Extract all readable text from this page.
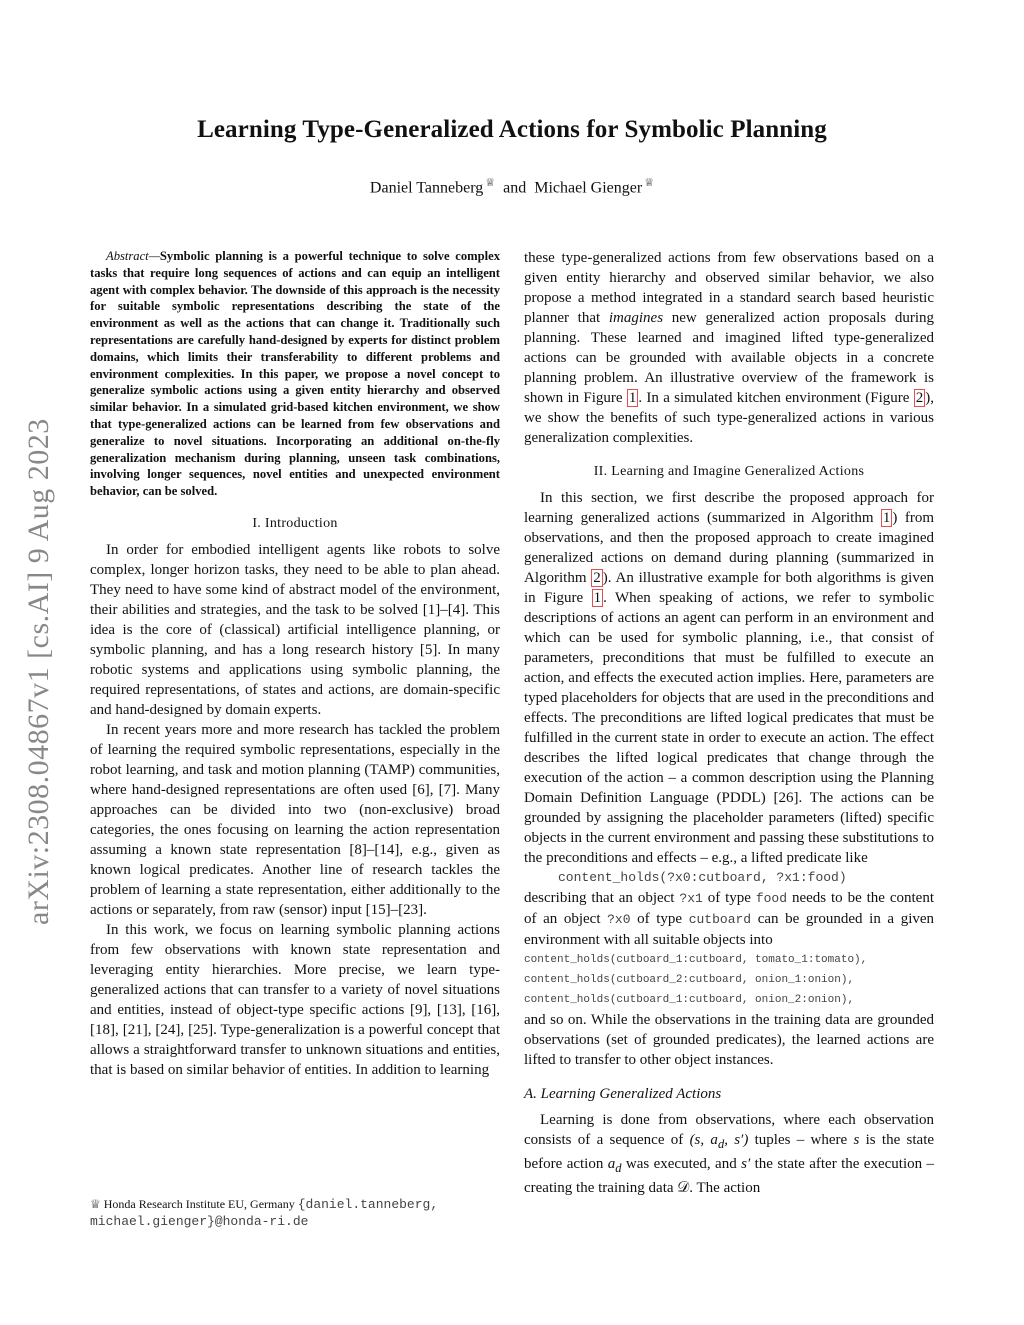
Learning Type-Generalized Actions for Symbolic Planning
Daniel Tanneberg ♕ and Michael Gienger ♕
arXiv:2308.04867v1 [cs.AI] 9 Aug 2023

Abstract—Symbolic planning is a powerful technique to solve complex tasks that require long sequences of actions and can equip an intelligent agent with complex behavior. The downside of this approach is the necessity for suitable symbolic representations describing the state of the environment as well as the actions that can change it. Traditionally such representations are carefully hand-designed by experts for distinct problem domains, which limits their transferability to different problems and environment complexities. In this paper, we propose a novel concept to generalize symbolic actions using a given entity hierarchy and observed similar behavior. In a simulated grid-based kitchen environment, we show that type-generalized actions can be learned from few observations and generalize to novel situations. Incorporating an additional on-the-fly generalization mechanism during planning, unseen task combinations, involving longer sequences, novel entities and unexpected environment behavior, can be solved.

I. Introduction

In order for embodied intelligent agents like robots to solve complex, longer horizon tasks, they need to be able to plan ahead. They need to have some kind of abstract model of the environment, their abilities and strategies, and the task to be solved [1]–[4]. This idea is the core of (classical) artificial intelligence planning, or symbolic planning, and has a long research history [5]. In many robotic systems and applications using symbolic planning, the required representations, of states and actions, are domain-specific and hand-designed by domain experts.

In recent years more and more research has tackled the problem of learning the required symbolic representations, especially in the robot learning, and task and motion planning (TAMP) communities, where hand-designed representations are often used [6], [7]. Many approaches can be divided into two (non-exclusive) broad categories, the ones focusing on learning the action representation assuming a known state representation [8]–[14], e.g., given as known logical predicates. Another line of research tackles the problem of learning a state representation, either additionally to the actions or separately, from raw (sensor) input [15]–[23].

In this work, we focus on learning symbolic planning actions from few observations with known state representation and leveraging entity hierarchies. More precise, we learn type-generalized actions that can transfer to a variety of novel situations and entities, instead of object-type specific actions [9], [13], [16], [18], [21], [24], [25]. Type-generalization is a powerful concept that allows a straightforward transfer to unknown situations and entities, that is based on similar behavior of entities. In addition to learning

these type-generalized actions from few observations based on a given entity hierarchy and observed similar behavior, we also propose a method integrated in a standard search based heuristic planner that imagines new generalized action proposals during planning. These learned and imagined lifted type-generalized actions can be grounded with available objects in a concrete planning problem. An illustrative overview of the framework is shown in Figure 1 . In a simulated kitchen environment (Figure 2 ), we show the benefits of such type-generalized actions in various generalization complexities.

II. Learning and Imagine Generalized Actions

In this section, we first describe the proposed approach for learning generalized actions (summarized in Algorithm 1 ) from observations, and then the proposed approach to create imagined generalized actions on demand during planning (summarized in Algorithm 2 ). An illustrative example for both algorithms is given in Figure 1 . When speaking of actions, we refer to symbolic descriptions of actions an agent can perform in an environment and which can be used for symbolic planning, i.e., that consist of parameters, preconditions that must be fulfilled to execute an action, and effects the executed action implies. Here, parameters are typed placeholders for objects that are used in the preconditions and effects. The preconditions are lifted logical predicates that must be fulfilled in the current state in order to execute an action. The effect describes the lifted logical predicates that change through the execution of the action – a common description using the Planning Domain Definition Language (PDDL) [26]. The actions can be grounded by assigning the placeholder parameters (lifted) specific objects in the current environment and passing these substitutions to the preconditions and effects – e.g., a lifted predicate like

content_holds(?x0:cutboard, ?x1:food)

describing that an object ?x1 of type food needs to be the content of an object ?x0 of type cutboard can be grounded in a given environment with all suitable objects into

content_holds(cutboard_1:cutboard, tomato_1:tomato),
content_holds(cutboard_2:cutboard, onion_1:onion),
content_holds(cutboard_1:cutboard, onion_2:onion),

and so on. While the observations in the training data are grounded observations (set of grounded predicates), the learned actions are lifted to transfer to other object instances.

A. Learning Generalized Actions

Learning is done from observations, where each observation consists of a sequence of (s, $a_d$, s′) tuples – where s is the state before action $a_d$ was executed, and s′ the state after the execution – creating the training data 𝒟. The action

♕ Honda Research Institute EU, Germany {daniel.tanneberg, michael.gienger}@honda-ri.de
